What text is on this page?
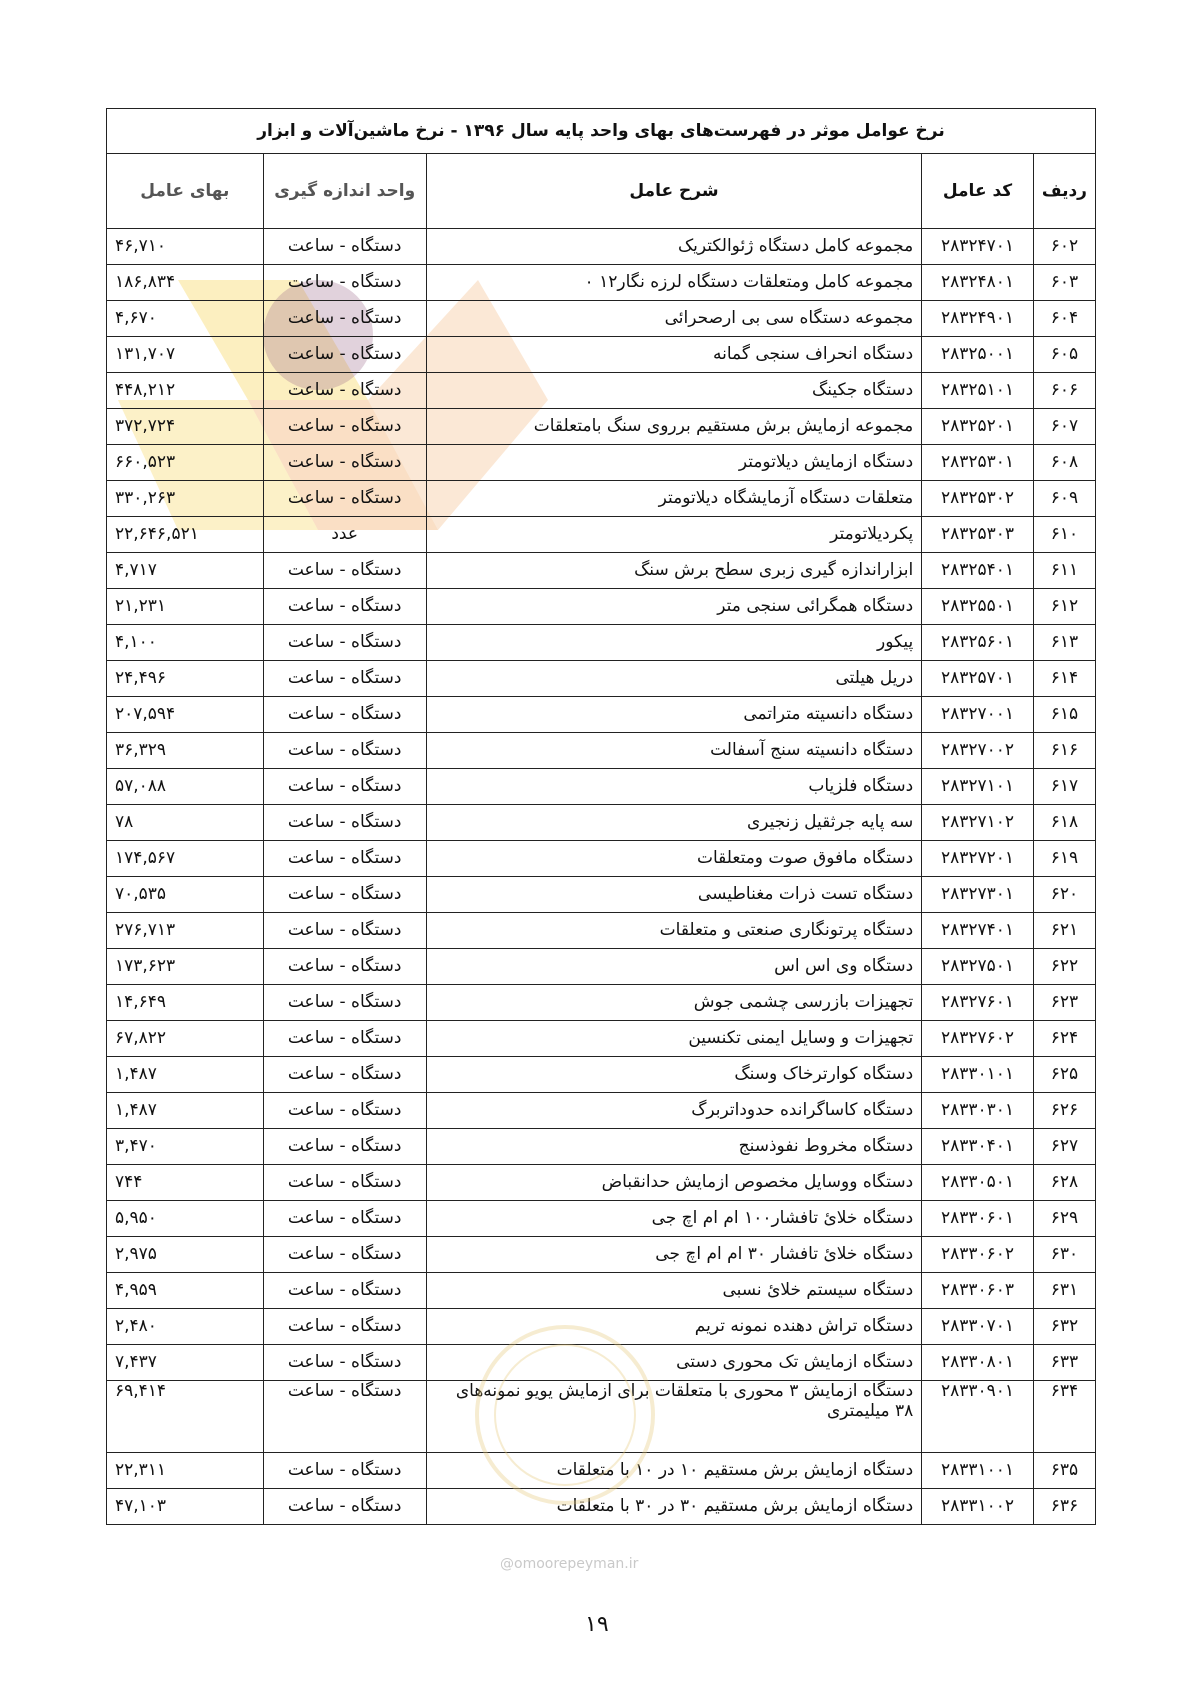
نرخ عوامل موثر در فهرست‌های بهای واحد پایه سال ۱۳۹۶ - نرخ ماشین‌آلات و ابزار				
ردیف	کد عامل	شرح عامل	واحد اندازه گیری	بهای عامل
۶۰۲	۲۸۳۲۴۷۰۱	مجموعه کامل دستگاه ژئوالکتریک	دستگاه - ساعت	۴۶,۷۱۰
۶۰۳	۲۸۳۲۴۸۰۱	مجموعه کامل ومتعلقات دستگاه لرزه نگار۱۲ ۰	دستگاه - ساعت	۱۸۶,۸۳۴
۶۰۴	۲۸۳۲۴۹۰۱	مجموعه دستگاه سی بی ارصحرائی	دستگاه - ساعت	۴,۶۷۰
۶۰۵	۲۸۳۲۵۰۰۱	دستگاه انحراف سنجی گمانه	دستگاه - ساعت	۱۳۱,۷۰۷
۶۰۶	۲۸۳۲۵۱۰۱	دستگاه جکینگ	دستگاه - ساعت	۴۴۸,۲۱۲
۶۰۷	۲۸۳۲۵۲۰۱	مجموعه ازمایش برش مستقیم برروی سنگ بامتعلقات	دستگاه - ساعت	۳۷۲,۷۲۴
۶۰۸	۲۸۳۲۵۳۰۱	دستگاه ازمایش دیلاتومتر	دستگاه - ساعت	۶۶۰,۵۲۳
۶۰۹	۲۸۳۲۵۳۰۲	متعلقات دستگاه آزمایشگاه دیلاتومتر	دستگاه - ساعت	۳۳۰,۲۶۳
۶۱۰	۲۸۳۲۵۳۰۳	پکردیلاتومتر	عدد	۲۲,۶۴۶,۵۲۱
۶۱۱	۲۸۳۲۵۴۰۱	ابزاراندازه گیری زبری سطح برش سنگ	دستگاه - ساعت	۴,۷۱۷
۶۱۲	۲۸۳۲۵۵۰۱	دستگاه همگرائی سنجی متر	دستگاه - ساعت	۲۱,۲۳۱
۶۱۳	۲۸۳۲۵۶۰۱	پیکور	دستگاه - ساعت	۴,۱۰۰
۶۱۴	۲۸۳۲۵۷۰۱	دریل هیلتی	دستگاه - ساعت	۲۴,۴۹۶
۶۱۵	۲۸۳۲۷۰۰۱	دستگاه دانسیته متراتمی	دستگاه - ساعت	۲۰۷,۵۹۴
۶۱۶	۲۸۳۲۷۰۰۲	دستگاه دانسیته سنج آسفالت	دستگاه - ساعت	۳۶,۳۲۹
۶۱۷	۲۸۳۲۷۱۰۱	دستگاه فلزیاب	دستگاه - ساعت	۵۷,۰۸۸
۶۱۸	۲۸۳۲۷۱۰۲	سه پایه جرثقیل زنجیری	دستگاه - ساعت	۷۸
۶۱۹	۲۸۳۲۷۲۰۱	دستگاه مافوق صوت ومتعلقات	دستگاه - ساعت	۱۷۴,۵۶۷
۶۲۰	۲۸۳۲۷۳۰۱	دستگاه تست ذرات مغناطیسی	دستگاه - ساعت	۷۰,۵۳۵
۶۲۱	۲۸۳۲۷۴۰۱	دستگاه پرتونگاری صنعتی و متعلقات	دستگاه - ساعت	۲۷۶,۷۱۳
۶۲۲	۲۸۳۲۷۵۰۱	دستگاه وی اس اس	دستگاه - ساعت	۱۷۳,۶۲۳
۶۲۳	۲۸۳۲۷۶۰۱	تجهیزات بازرسی چشمی جوش	دستگاه - ساعت	۱۴,۶۴۹
۶۲۴	۲۸۳۲۷۶۰۲	تجهیزات و وسایل ایمنی تکنسین	دستگاه - ساعت	۶۷,۸۲۲
۶۲۵	۲۸۳۳۰۱۰۱	دستگاه کوارترخاک وسنگ	دستگاه - ساعت	۱,۴۸۷
۶۲۶	۲۸۳۳۰۳۰۱	دستگاه کاساگرانده حدوداتربرگ	دستگاه - ساعت	۱,۴۸۷
۶۲۷	۲۸۳۳۰۴۰۱	دستگاه مخروط نفوذسنج	دستگاه - ساعت	۳,۴۷۰
۶۲۸	۲۸۳۳۰۵۰۱	دستگاه ووسایل مخصوص ازمایش حدانقباض	دستگاه - ساعت	۷۴۴
۶۲۹	۲۸۳۳۰۶۰۱	دستگاه خلائ تافشار۱۰۰ ام ام اچ جی	دستگاه - ساعت	۵,۹۵۰
۶۳۰	۲۸۳۳۰۶۰۲	دستگاه خلائ تافشار ۳۰ ام ام اچ جی	دستگاه - ساعت	۲,۹۷۵
۶۳۱	۲۸۳۳۰۶۰۳	دستگاه سیستم خلائ نسبی	دستگاه - ساعت	۴,۹۵۹
۶۳۲	۲۸۳۳۰۷۰۱	دستگاه تراش دهنده نمونه تریم	دستگاه - ساعت	۲,۴۸۰
۶۳۳	۲۸۳۳۰۸۰۱	دستگاه ازمایش تک محوری دستی	دستگاه - ساعت	۷,۴۳۷
۶۳۴	۲۸۳۳۰۹۰۱	دستگاه ازمایش ۳ محوری با متعلقات برای ازمایش یویو نمونه‌های ۳۸ میلیمتری	دستگاه - ساعت	۶۹,۴۱۴
۶۳۵	۲۸۳۳۱۰۰۱	دستگاه ازمایش برش مستقیم ۱۰ در ۱۰ با متعلقات	دستگاه - ساعت	۲۲,۳۱۱
۶۳۶	۲۸۳۳۱۰۰۲	دستگاه ازمایش برش مستقیم ۳۰ در ۳۰ با متعلقات	دستگاه - ساعت	۴۷,۱۰۳
@omoorepeyman.ir
۱۹
